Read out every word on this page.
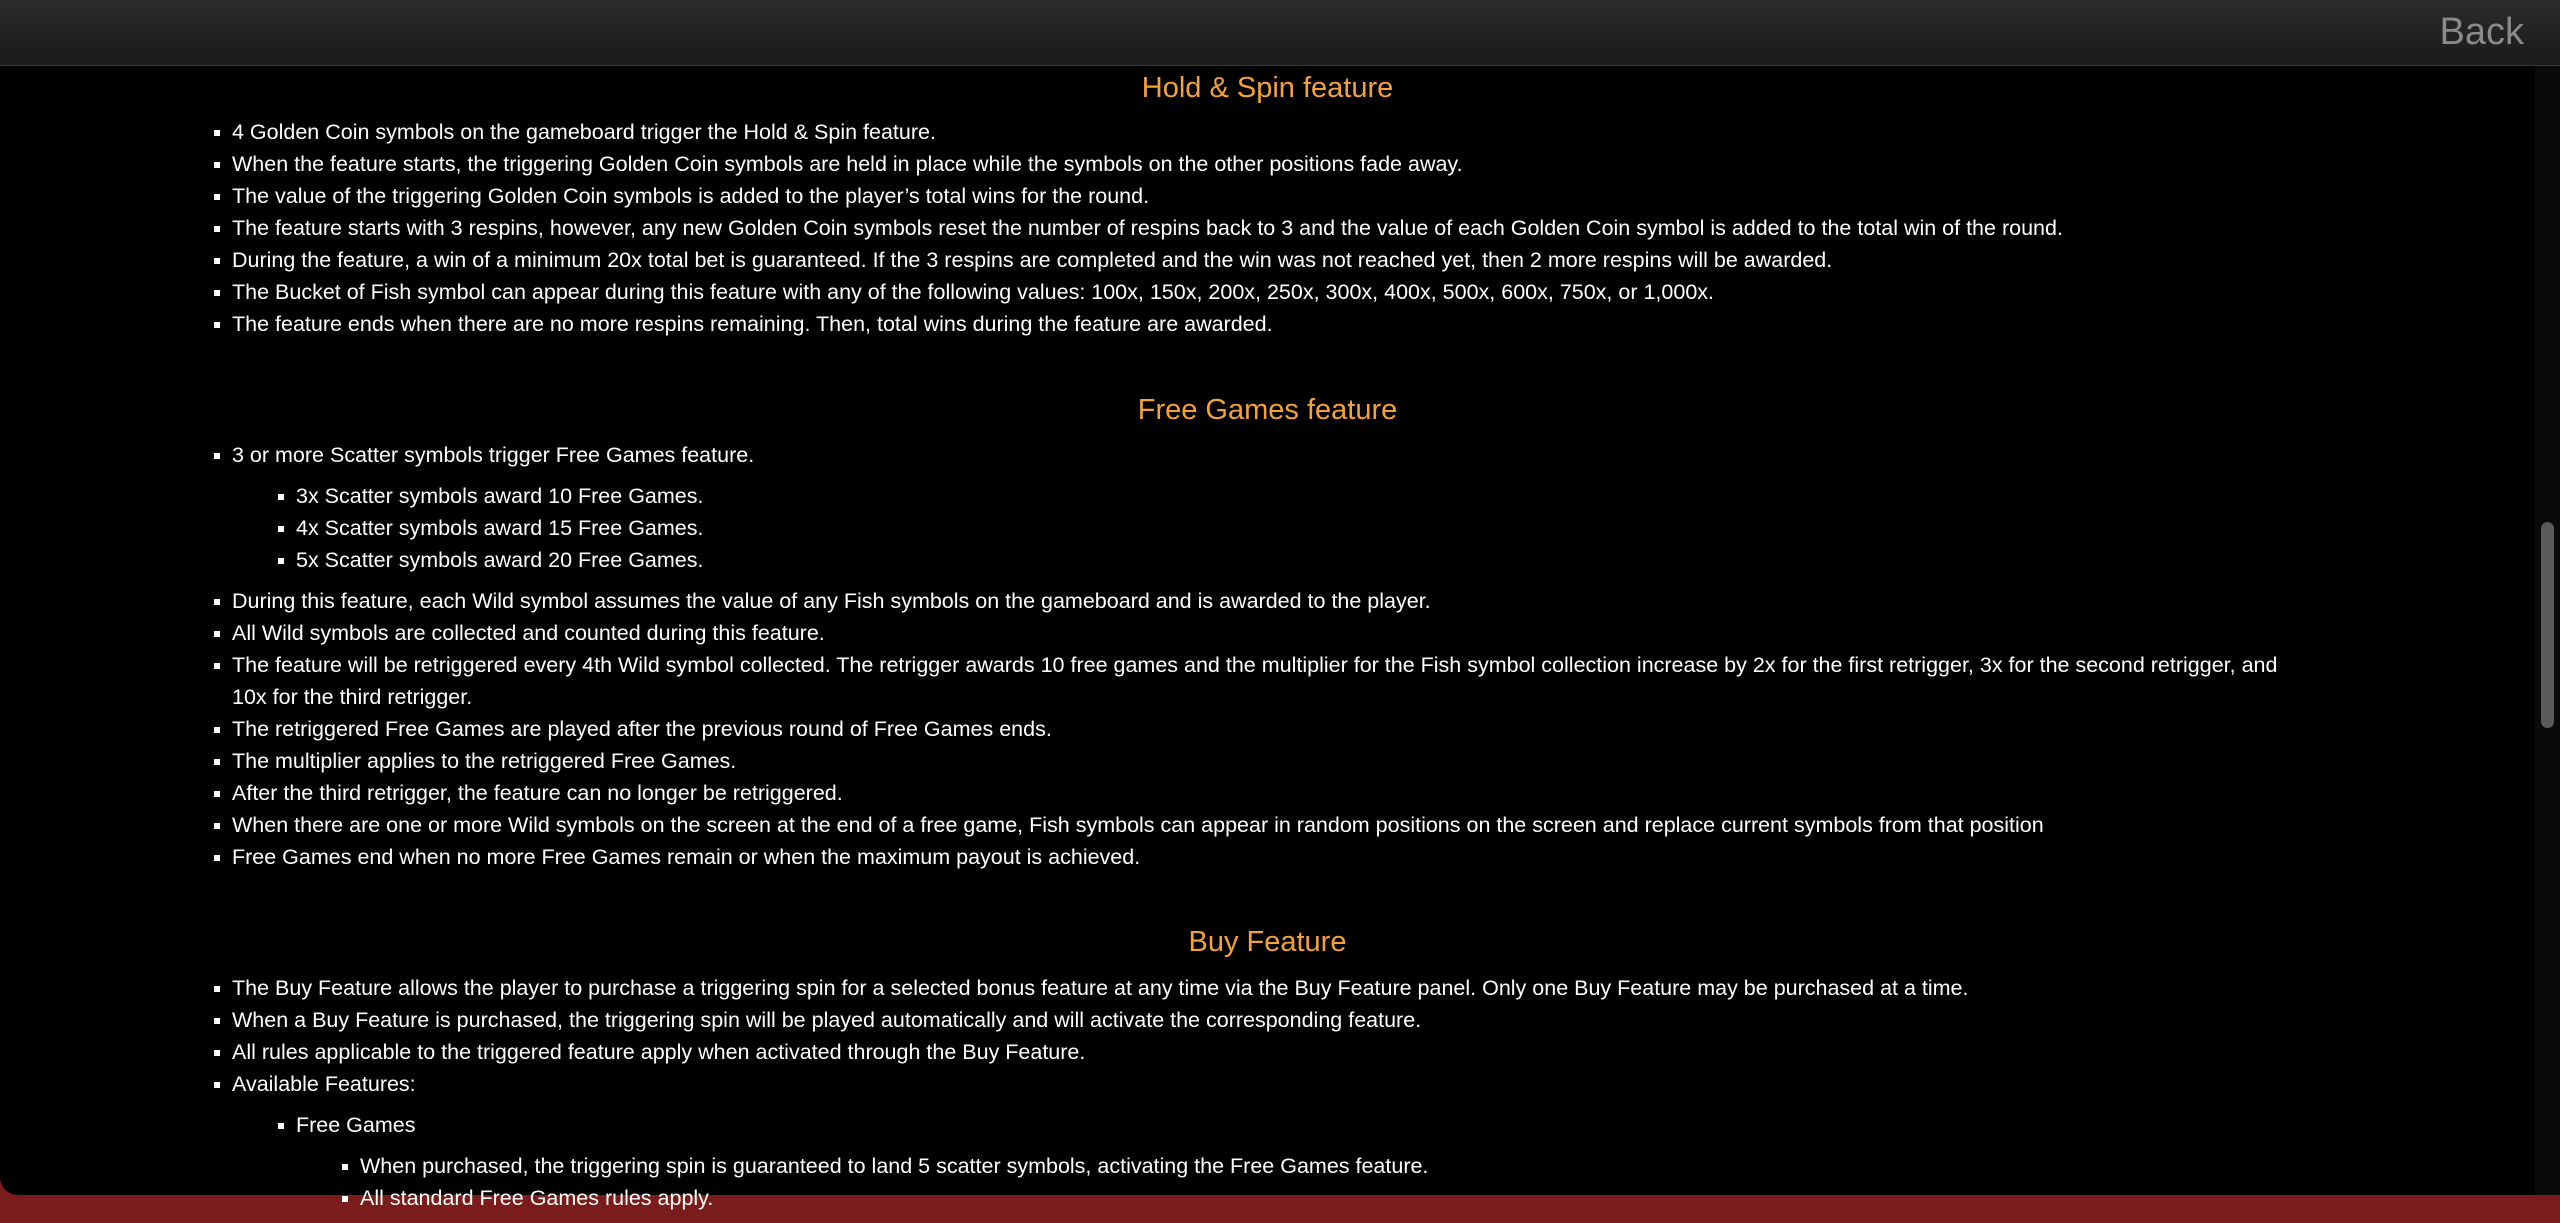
Back
Hold & Spin feature
4 Golden Coin symbols on the gameboard trigger the Hold & Spin feature.
When the feature starts, the triggering Golden Coin symbols are held in place while the symbols on the other positions fade away.
The value of the triggering Golden Coin symbols is added to the player’s total wins for the round.
The feature starts with 3 respins, however, any new Golden Coin symbols reset the number of respins back to 3 and the value of each Golden Coin symbol is added to the total win of the round.
During the feature, a win of a minimum 20x total bet is guaranteed. If the 3 respins are completed and the win was not reached yet, then 2 more respins will be awarded.
The Bucket of Fish symbol can appear during this feature with any of the following values: 100x, 150x, 200x, 250x, 300x, 400x, 500x, 600x, 750x, or 1,000x.
The feature ends when there are no more respins remaining. Then, total wins during the feature are awarded.
Free Games feature
3 or more Scatter symbols trigger Free Games feature.
3x Scatter symbols award 10 Free Games.
4x Scatter symbols award 15 Free Games.
5x Scatter symbols award 20 Free Games.
During this feature, each Wild symbol assumes the value of any Fish symbols on the gameboard and is awarded to the player.
All Wild symbols are collected and counted during this feature.
The feature will be retriggered every 4th Wild symbol collected. The retrigger awards 10 free games and the multiplier for the Fish symbol collection increase by 2x for the first retrigger, 3x for the second retrigger, and 10x for the third retrigger.
The retriggered Free Games are played after the previous round of Free Games ends.
The multiplier applies to the retriggered Free Games.
After the third retrigger, the feature can no longer be retriggered.
When there are one or more Wild symbols on the screen at the end of a free game, Fish symbols can appear in random positions on the screen and replace current symbols from that position
Free Games end when no more Free Games remain or when the maximum payout is achieved.
Buy Feature
The Buy Feature allows the player to purchase a triggering spin for a selected bonus feature at any time via the Buy Feature panel. Only one Buy Feature may be purchased at a time.
When a Buy Feature is purchased, the triggering spin will be played automatically and will activate the corresponding feature.
All rules applicable to the triggered feature apply when activated through the Buy Feature.
Available Features:
Free Games
When purchased, the triggering spin is guaranteed to land 5 scatter symbols, activating the Free Games feature.
All standard Free Games rules apply.
